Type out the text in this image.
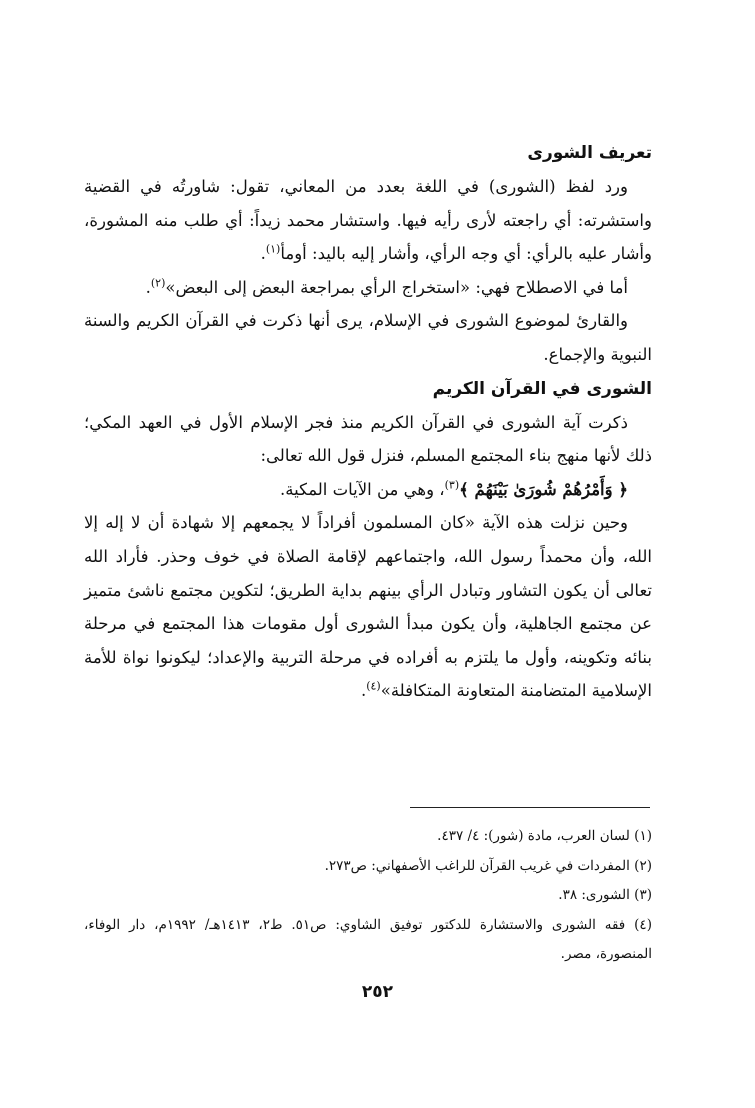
تعريف الشورى

ورد لفظ (الشورى) في اللغة بعدد من المعاني، تقول: شاورتُه في القضية واستشرته: أي راجعته لأرى رأيه فيها. واستشار محمد زيداً: أي طلب منه المشورة، وأشار عليه بالرأي: أي وجه الرأي، وأشار إليه باليد: أومأ$^{(١)}$.

أما في الاصطلاح فهي: «استخراج الرأي بمراجعة البعض إلى البعض»$^{(٢)}$.

والقارئ لموضوع الشورى في الإسلام، يرى أنها ذكرت في القرآن الكريم والسنة النبوية والإجماع.

الشورى في القرآن الكريم

ذكرت آية الشورى في القرآن الكريم منذ فجر الإسلام الأول في العهد المكي؛ ذلك لأنها منهج بناء المجتمع المسلم، فنزل قول الله تعالى:

﴿ وَأَمْرُهُمْ شُورَىٰ بَيْنَهُمْ ﴾$^{(٣)}$، وهي من الآيات المكية.

وحين نزلت هذه الآية «كان المسلمون أفراداً لا يجمعهم إلا شهادة أن لا إله إلا الله، وأن محمداً رسول الله، واجتماعهم لإقامة الصلاة في خوف وحذر. فأراد الله تعالى أن يكون التشاور وتبادل الرأي بينهم بداية الطريق؛ لتكوين مجتمع ناشئ متميز عن مجتمع الجاهلية، وأن يكون مبدأ الشورى أول مقومات هذا المجتمع في مرحلة بنائه وتكوينه، وأول ما يلتزم به أفراده في مرحلة التربية والإعداد؛ ليكونوا نواة للأمة الإسلامية المتضامنة المتعاونة المتكافلة»$^{(٤)}$.

(١) لسان العرب، مادة (شور): ٤/ ٤٣٧.

(٢) المفردات في غريب القرآن للراغب الأصفهاني: ص٢٧٣.

(٣) الشورى: ٣٨.

(٤) فقه الشورى والاستشارة للدكتور توفيق الشاوي: ص٥١. ط٢، ١٤١٣هـ/ ١٩٩٢م، دار الوفاء، المنصورة، مصر.

٢٥٢
